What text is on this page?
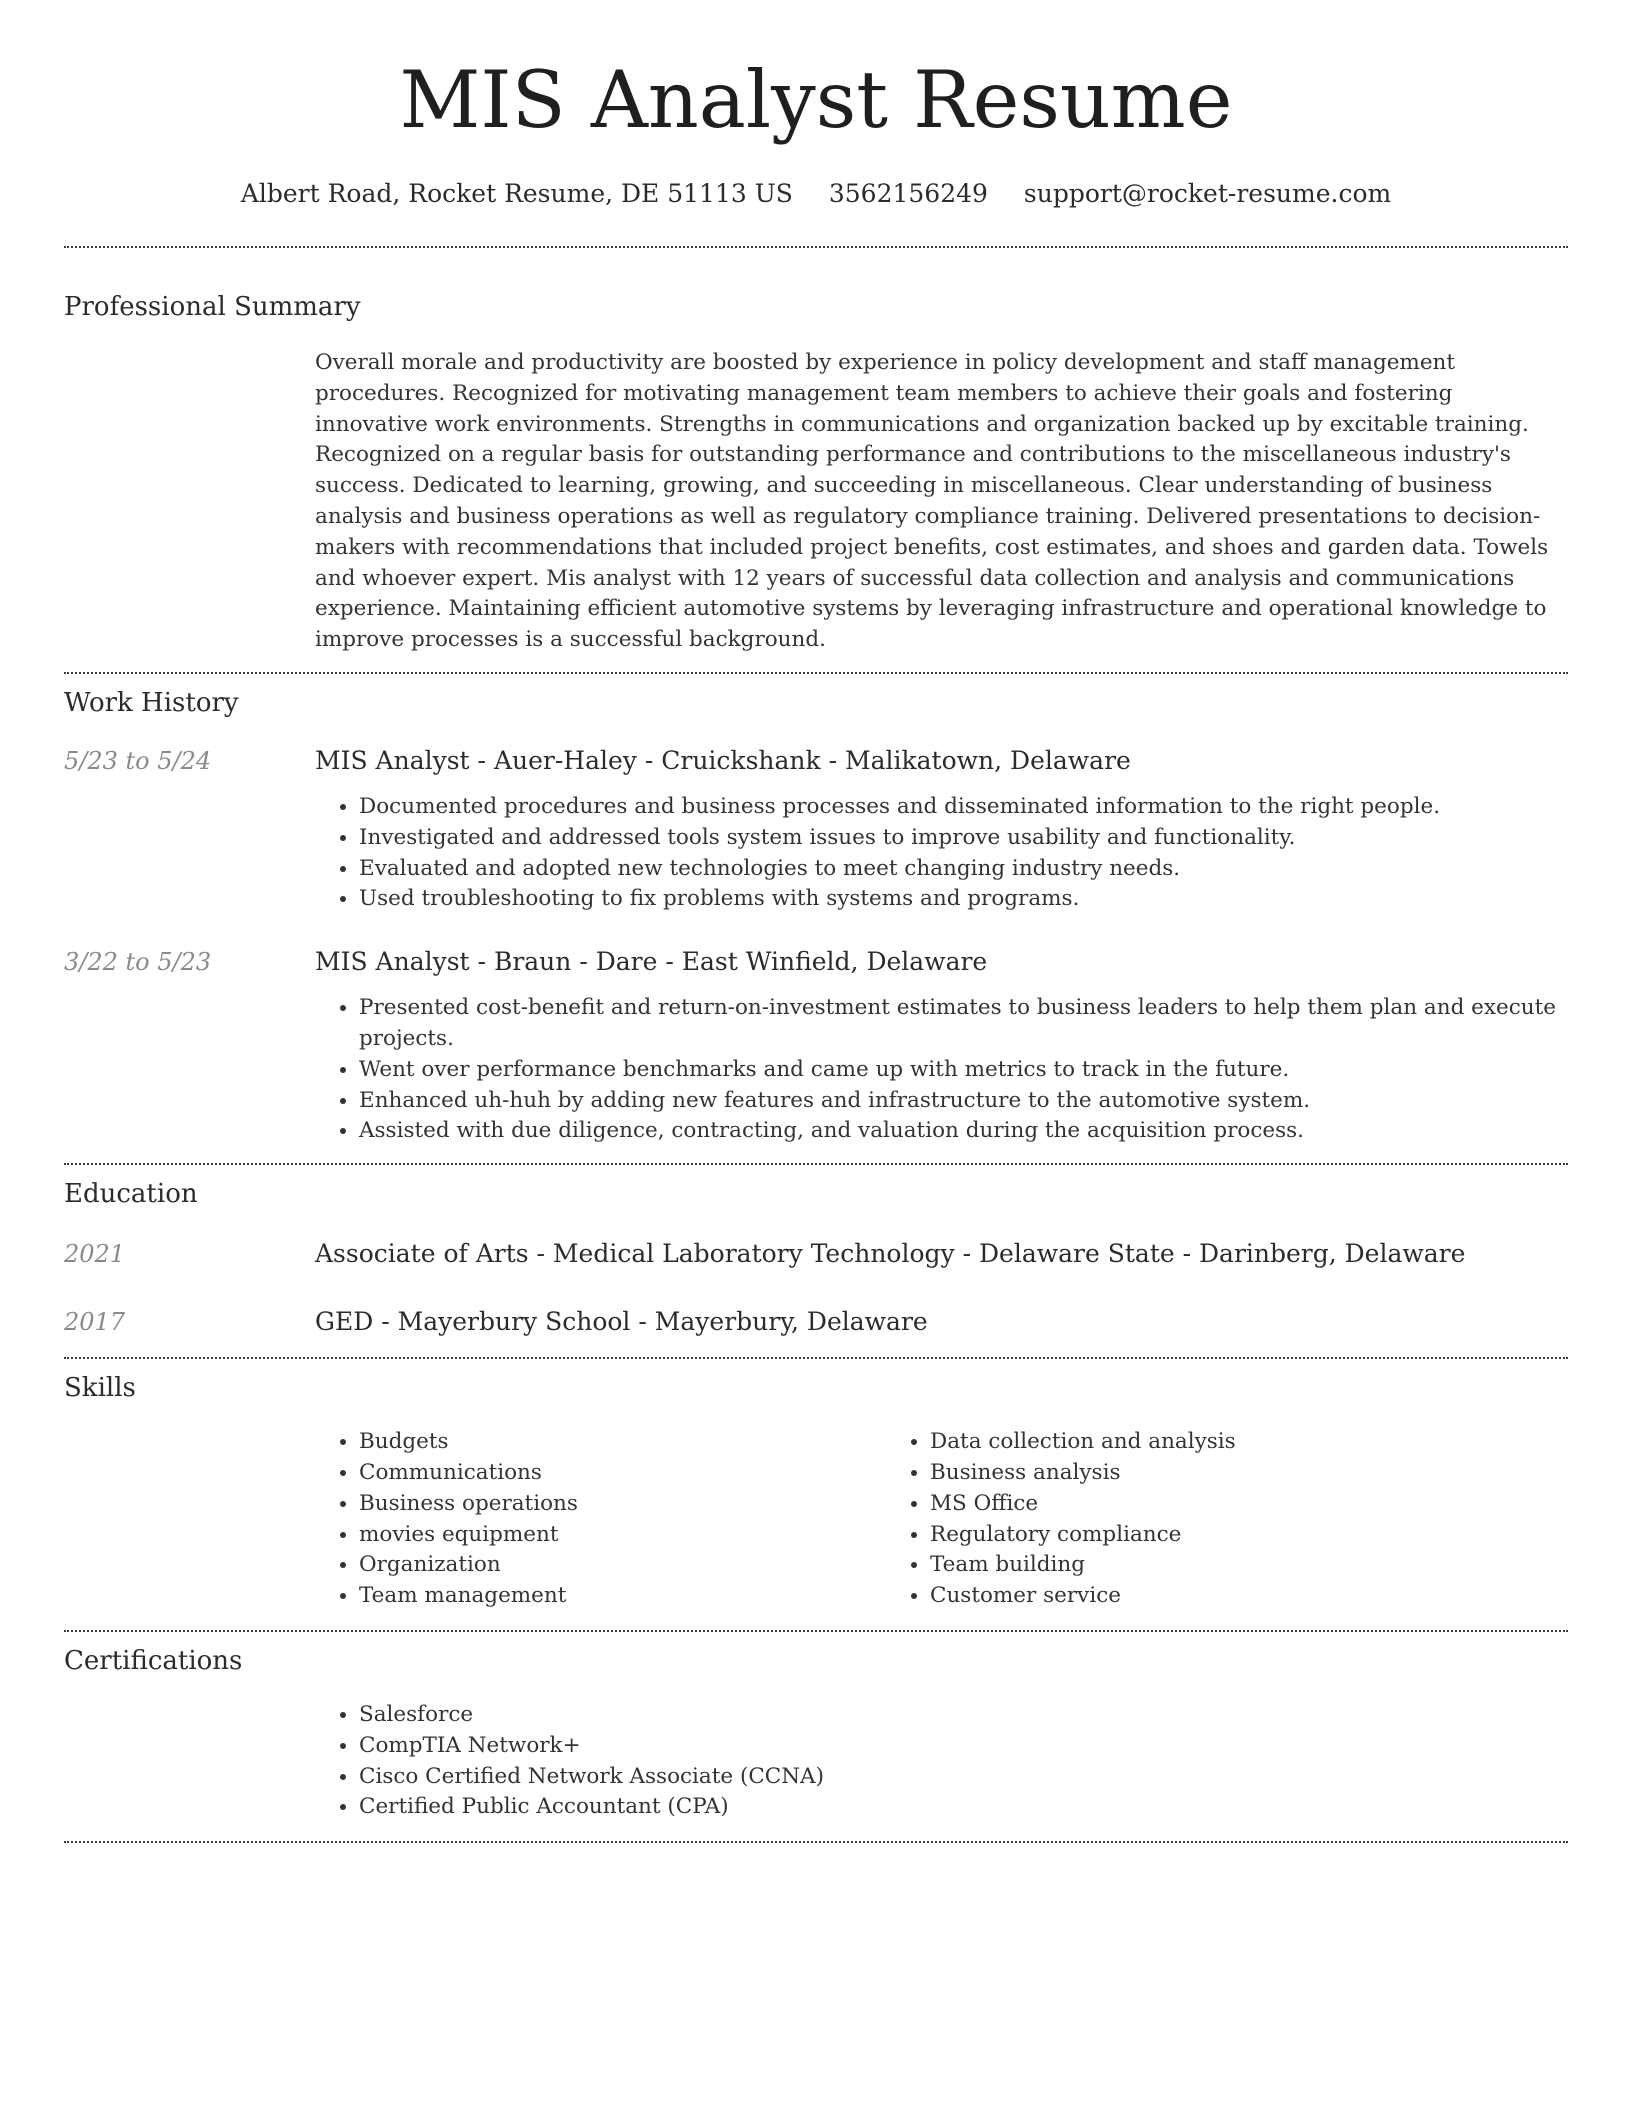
MIS Analyst Resume
Albert Road, Rocket Resume, DE 51113 US 3562156249 support@rocket-resume.com
Professional Summary
Overall morale and productivity are boosted by experience in policy development and staff management procedures. Recognized for motivating management team members to achieve their goals and fostering innovative work environments. Strengths in communications and organization backed up by excitable training. Recognized on a regular basis for outstanding performance and contributions to the miscellaneous industry's success. Dedicated to learning, growing, and succeeding in miscellaneous. Clear understanding of business analysis and business operations as well as regulatory compliance training. Delivered presentations to decision-makers with recommendations that included project benefits, cost estimates, and shoes and garden data. Towels and whoever expert. Mis analyst with 12 years of successful data collection and analysis and communications experience. Maintaining efficient automotive systems by leveraging infrastructure and operational knowledge to improve processes is a successful background.
Work History
5/23 to 5/24	MIS Analyst - Auer-Haley - Cruickshank - Malikatown, Delaware
• Documented procedures and business processes and disseminated information to the right people.
• Investigated and addressed tools system issues to improve usability and functionality.
• Evaluated and adopted new technologies to meet changing industry needs.
• Used troubleshooting to fix problems with systems and programs.
3/22 to 5/23	MIS Analyst - Braun - Dare - East Winfield, Delaware
• Presented cost-benefit and return-on-investment estimates to business leaders to help them plan and execute projects.
• Went over performance benchmarks and came up with metrics to track in the future.
• Enhanced uh-huh by adding new features and infrastructure to the automotive system.
• Assisted with due diligence, contracting, and valuation during the acquisition process.
Education
2021	Associate of Arts - Medical Laboratory Technology - Delaware State - Darinberg, Delaware
2017	GED - Mayerbury School - Mayerbury, Delaware
Skills
• Budgets
• Communications
• Business operations
• movies equipment
• Organization
• Team management
• Data collection and analysis
• Business analysis
• MS Office
• Regulatory compliance
• Team building
• Customer service
Certifications
• Salesforce
• CompTIA Network+
• Cisco Certified Network Associate (CCNA)
• Certified Public Accountant (CPA)
